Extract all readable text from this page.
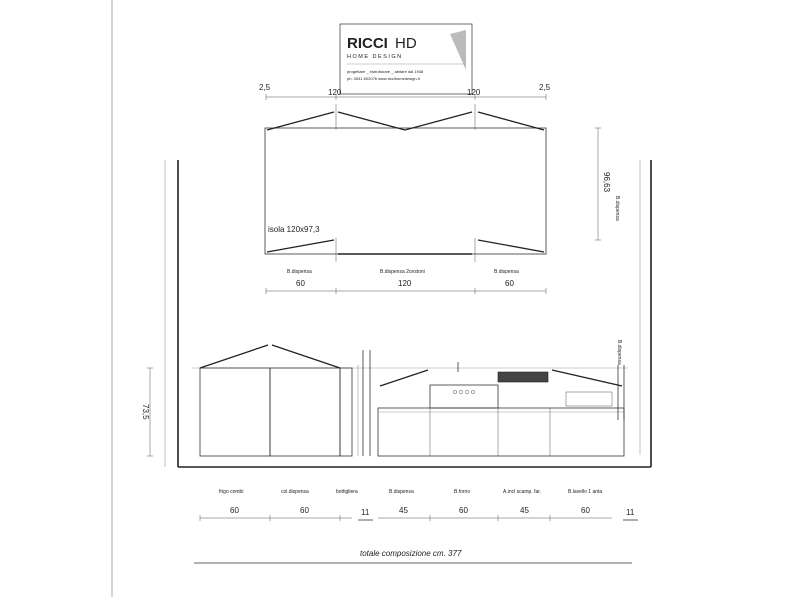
RICCI HD
HOME DESIGN
progettare _ ristrutturare _ abitare dal 1948
ph. 0541 602076 www.riccihomedesign.it
2,5
120	120
2,5
isola 120x97,3
96,63
B.dispensa
B.dispensa	B.dispensa 2cestoni	B.dispensa
60	120	60
B.dispensa
73,5
frigo combi	col.dispensa	bottigliera	B.dispensa	B.forno	A.incl scamp. far.	B.lavello 1 anta
60	60	11	45	60	45	60	11
totale composizione cm. 377
